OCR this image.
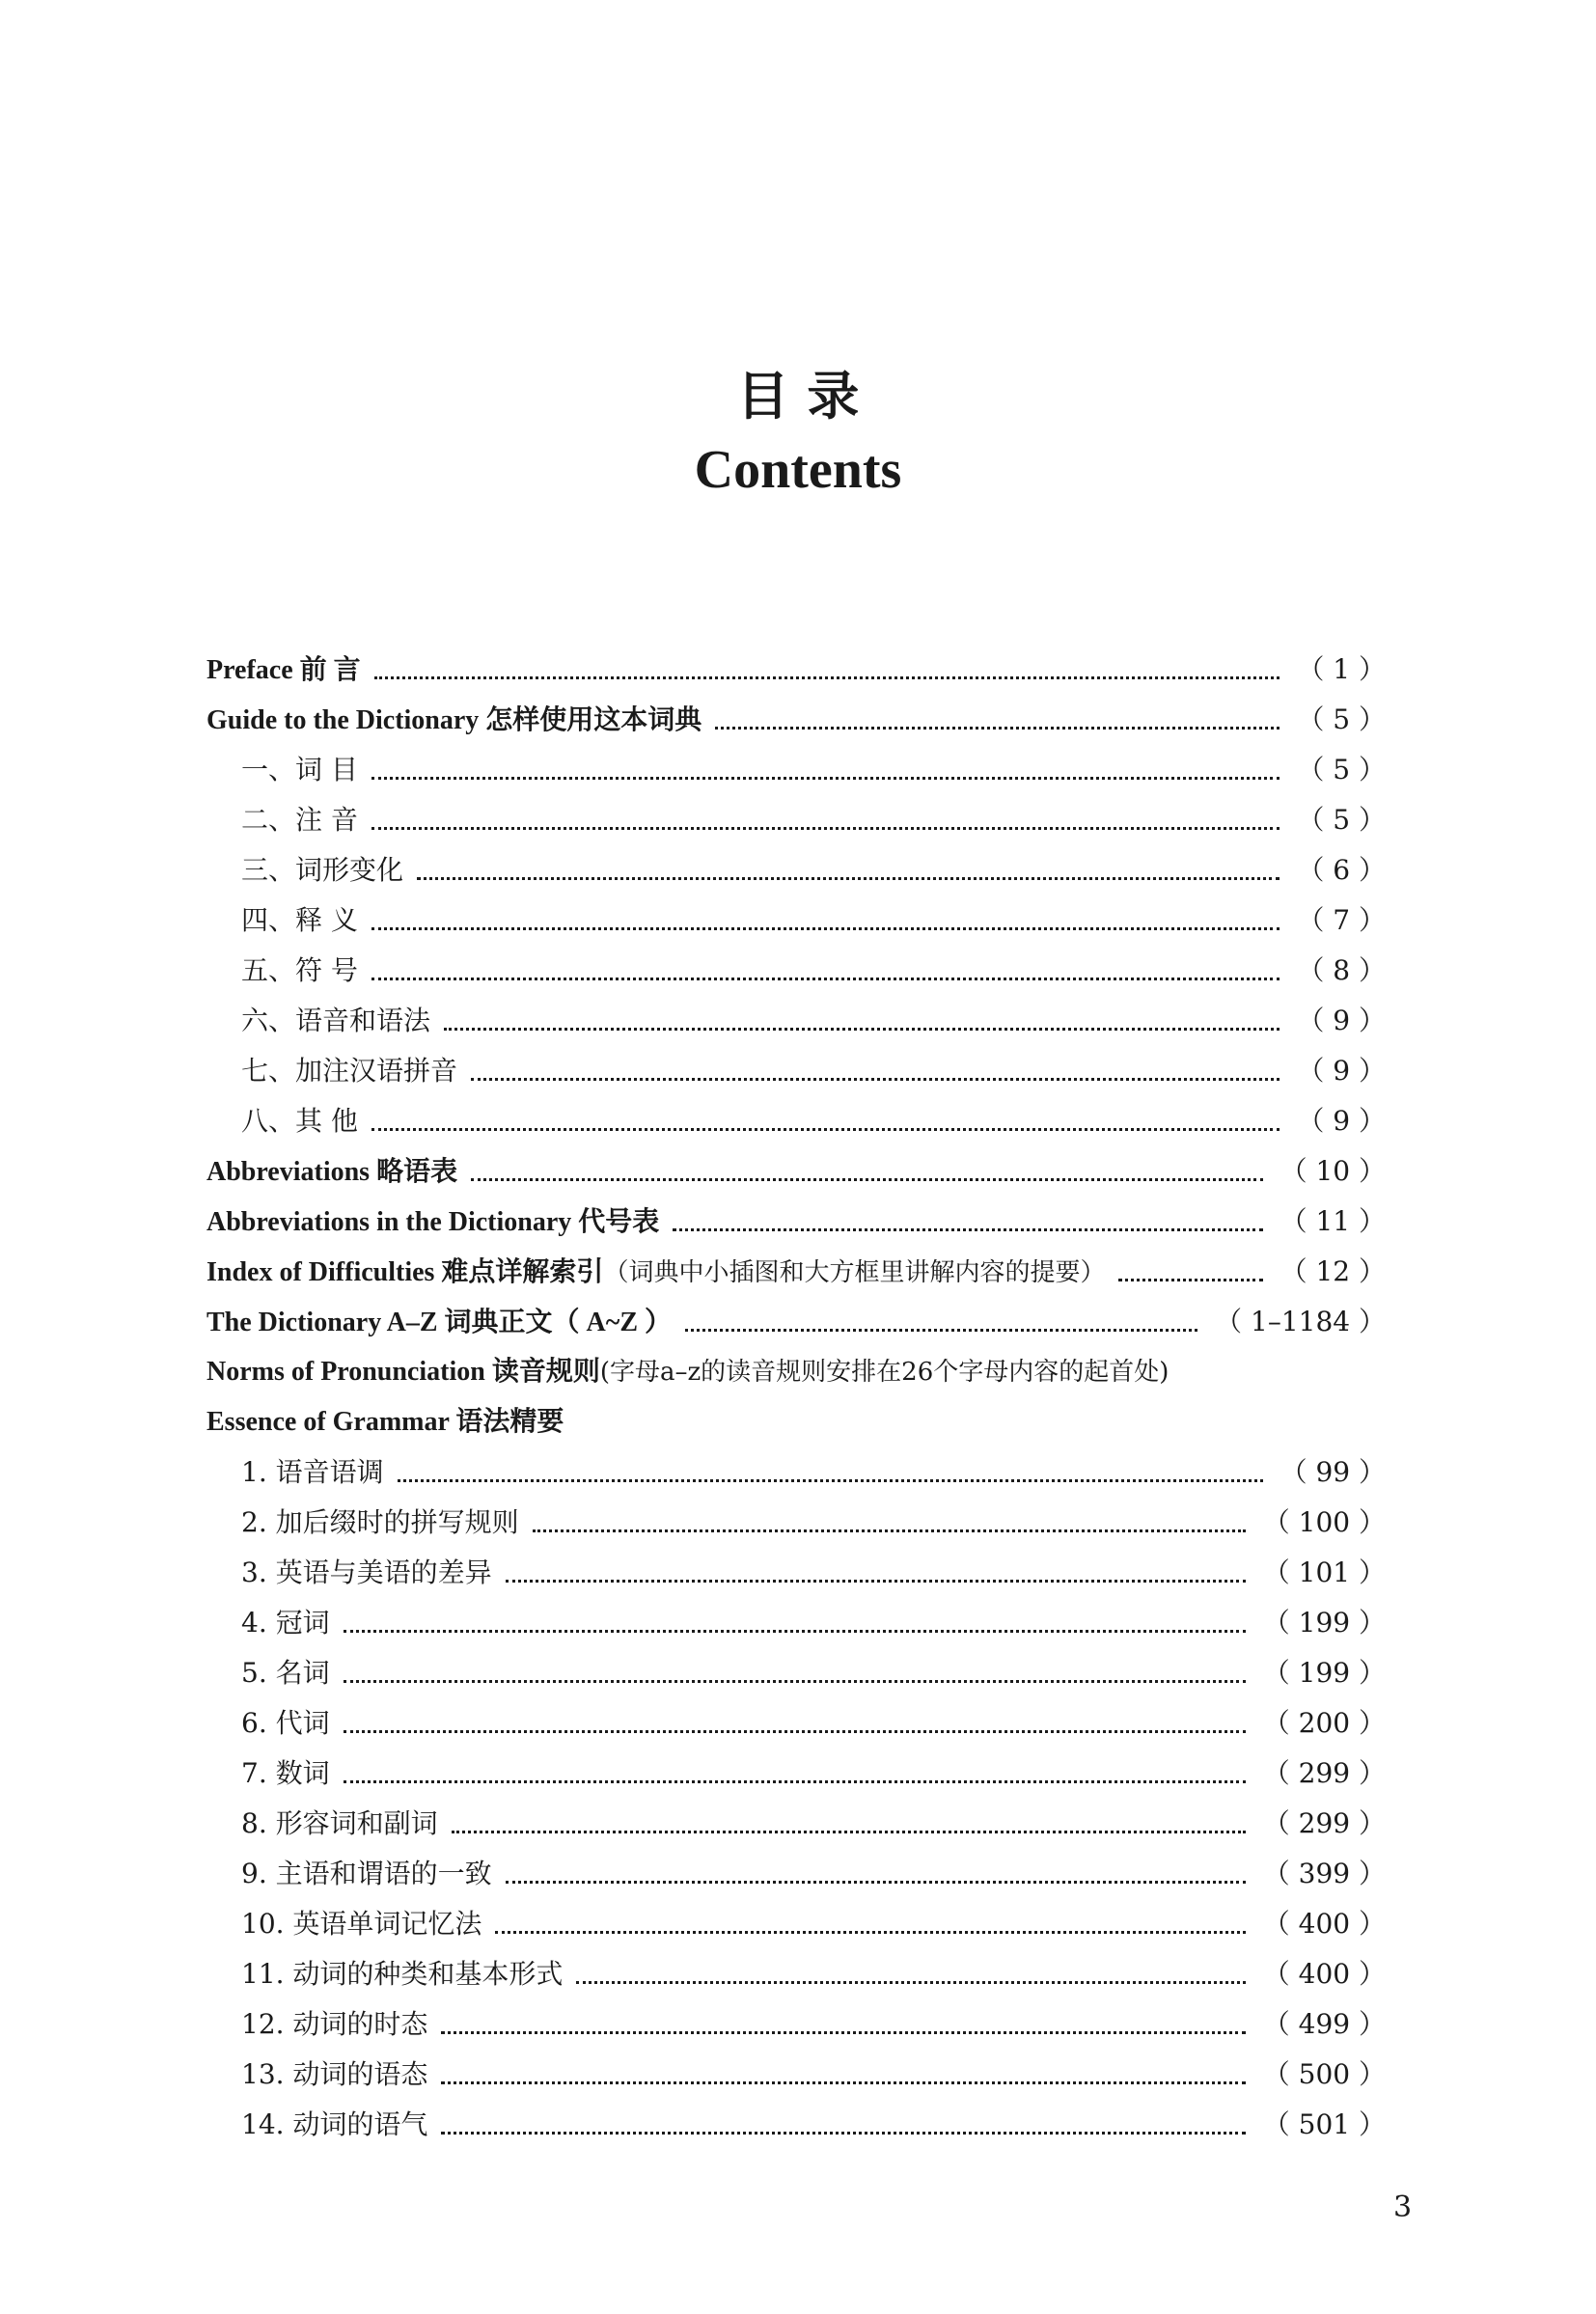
目 录
Contents
Preface 前 言	（ 1 ）
Guide to the Dictionary 怎样使用这本词典	（ 5 ）
一、词 目	（ 5 ）
二、注 音	（ 5 ）
三、词形变化	（ 6 ）
四、释 义	（ 7 ）
五、符 号	（ 8 ）
六、语音和语法	（ 9 ）
七、加注汉语拼音	（ 9 ）
八、其 他	（ 9 ）
Abbreviations 略语表	（ 10 ）
Abbreviations in the Dictionary 代号表	（ 11 ）
Index of Difficulties 难点详解索引 （词典中小插图和大方框里讲解内容的提要）	（ 12 ）
The Dictionary A–Z 词典正文（ A~Z ）	（ 1–1184 ）
Norms of Pronunciation 读音规则 (字母a–z的读音规则安排在26个字母内容的起首处)
Essence of Grammar 语法精要
1. 语音语调	（ 99 ）
2. 加后缀时的拼写规则	（ 100 ）
3. 英语与美语的差异	（ 101 ）
4. 冠词	（ 199 ）
5. 名词	（ 199 ）
6. 代词	（ 200 ）
7. 数词	（ 299 ）
8. 形容词和副词	（ 299 ）
9. 主语和谓语的一致	（ 399 ）
10. 英语单词记忆法	（ 400 ）
11. 动词的种类和基本形式	（ 400 ）
12. 动词的时态	（ 499 ）
13. 动词的语态	（ 500 ）
14. 动词的语气	（ 501 ）
3
